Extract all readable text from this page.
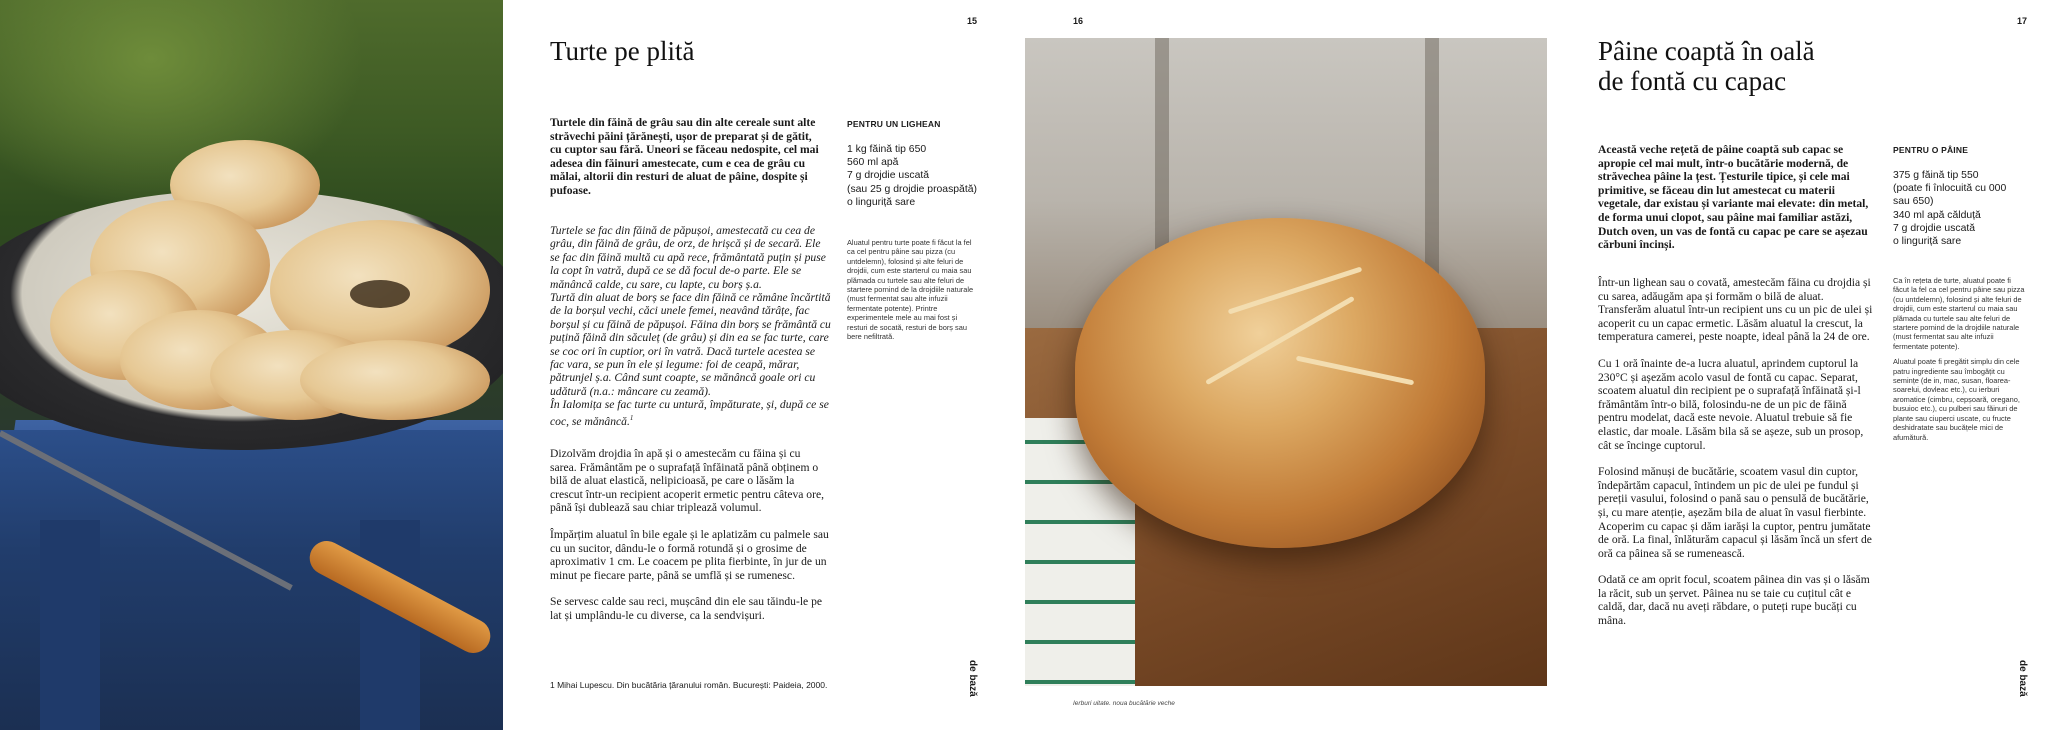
15
Turte pe plită
Turtele din făină de grâu sau din alte cereale sunt alte străvechi păini țărănești, ușor de preparat și de gătit, cu cuptor sau fără. Uneori se făceau nedospite, cel mai adesea din făinuri amestecate, cum e cea de grâu cu mălai, altorii din resturi de aluat de pâine, dospite și pufoase.

Turtele se fac din făină de păpușoi, amestecată cu cea de grâu, din făină de grâu, de orz, de hrișcă și de secară. Ele se fac din făină multă cu apă rece, frământată puțin și puse la copt în vatră, după ce se dă focul de-o parte. Ele se mănâncă calde, cu sare, cu lapte, cu borș ș.a.

Turtă din aluat de borș se face din făină ce rămâne încărtită de la borșul vechi, căci unele femei, neavând tărâțe, fac borșul și cu făină de păpușoi. Făina din borș se frământă cu puțină făină din săculeț (de grâu) și din ea se fac turte, care se coc ori în cuptior, ori în vatră. Dacă turtele acestea se fac vara, se pun în ele și legume: foi de ceapă, mărar, pătrunjel ș.a. Când sunt coapte, se mănâncă goale ori cu udătură (n.a.: mâncare cu zeamă).

În Ialomița se fac turte cu untură, împăturate, și, după ce se coc, se mănâncă.$^1$

Dizolvăm drojdia în apă și o amestecăm cu făina și cu sarea. Frământăm pe o suprafață înfăinată până obținem o bilă de aluat elastică, nelipicioasă, pe care o lăsăm la crescut într-un recipient acoperit ermetic pentru câteva ore, până își dublează sau chiar triplează volumul.

Împărțim aluatul în bile egale și le aplatizăm cu palmele sau cu un sucitor, dându-le o formă rotundă și o grosime de aproximativ 1 cm. Le coacem pe plita fierbinte, în jur de un minut pe fiecare parte, până se umflă și se rumenesc.

Se servesc calde sau reci, mușcând din ele sau tăindu-le pe lat și umplându-le cu diverse, ca la sendvișuri.

PENTRU UN LIGHEAN
1 kg făină tip 650
560 ml apă
7 g drojdie uscată
(sau 25 g drojdie proaspătă)
o linguriță sare

Aluatul pentru turte poate fi făcut la fel ca cel pentru pâine sau pizza (cu untdelemn), folosind și alte feluri de drojdii, cum este starterul cu maia sau plămada cu turtele sau alte feluri de startere pornind de la drojdiile naturale (must fermentat sau alte infuzii fermentate potente). Printre experimentele mele au mai fost și resturi de socată, resturi de borș sau bere nefiltrată.

1 Mihai Lupescu. Din bucătăria țăranului român. București: Paideia, 2000.	de bază
16
Ierburi uitate. noua bucătărie veche
17
Pâine coaptă în oală
de fontă cu capac
Această veche rețetă de pâine coaptă sub capac se apropie cel mai mult, într-o bucătărie modernă, de străvechea pâine la țest. Țesturile tipice, și cele mai primitive, se făceau din lut amestecat cu materii vegetale, dar existau și variante mai elevate: din metal, de forma unui clopot, sau pâine mai familiar astăzi, Dutch oven, un vas de fontă cu capac pe care se așezau cărbuni încinși.

Într-un lighean sau o covată, amestecăm făina cu drojdia și cu sarea, adăugăm apa și formăm o bilă de aluat. Transferăm aluatul într-un recipient uns cu un pic de ulei și acoperit cu un capac ermetic. Lăsăm aluatul la crescut, la temperatura camerei, peste noapte, ideal până la 24 de ore.

Cu 1 oră înainte de-a lucra aluatul, aprindem cuptorul la 230°C și așezăm acolo vasul de fontă cu capac. Separat, scoatem aluatul din recipient pe o suprafață înfăinată și-l frământăm într-o bilă, folosindu-ne de un pic de făină pentru modelat, dacă este nevoie. Aluatul trebuie să fie elastic, dar moale. Lăsăm bila să se așeze, sub un prosop, cât se încinge cuptorul.

Folosind mănuși de bucătărie, scoatem vasul din cuptor, îndepărtăm capacul, întindem un pic de ulei pe fundul și pereții vasului, folosind o pană sau o pensulă de bucătărie, și, cu mare atenție, așezăm bila de aluat în vasul fierbinte. Acoperim cu capac și dăm iarăși la cuptor, pentru jumătate de oră. La final, înlăturăm capacul și lăsăm încă un sfert de oră ca pâinea să se rumenească.

Odată ce am oprit focul, scoatem pâinea din vas și o lăsăm la răcit, sub un șervet. Pâinea nu se taie cu cuțitul cât e caldă, dar, dacă nu aveți răbdare, o puteți rupe bucăți cu mâna.

PENTRU O PÂINE
375 g făină tip 550
(poate fi înlocuită cu 000
sau 650)
340 ml apă călduță
7 g drojdie uscată
o linguriță sare

Ca în rețeta de turte, aluatul poate fi făcut la fel ca cel pentru pâine sau pizza (cu untdelemn), folosind și alte feluri de drojdii, cum este starterul cu maia sau plămada cu turtele sau alte feluri de startere pornind de la drojdiile naturale (must fermentat sau alte infuzii fermentate potente).

Aluatul poate fi pregătit simplu din cele patru ingrediente sau îmbogățit cu semințe (de in, mac, susan, floarea-soarelui, dovleac etc.), cu ierburi aromatice (cimbru, cepșoară, oregano, busuioc etc.), cu pulberi sau făinuri de plante sau ciuperci uscate, cu fructe deshidratate sau bucățele mici de afumătură.

de bază
